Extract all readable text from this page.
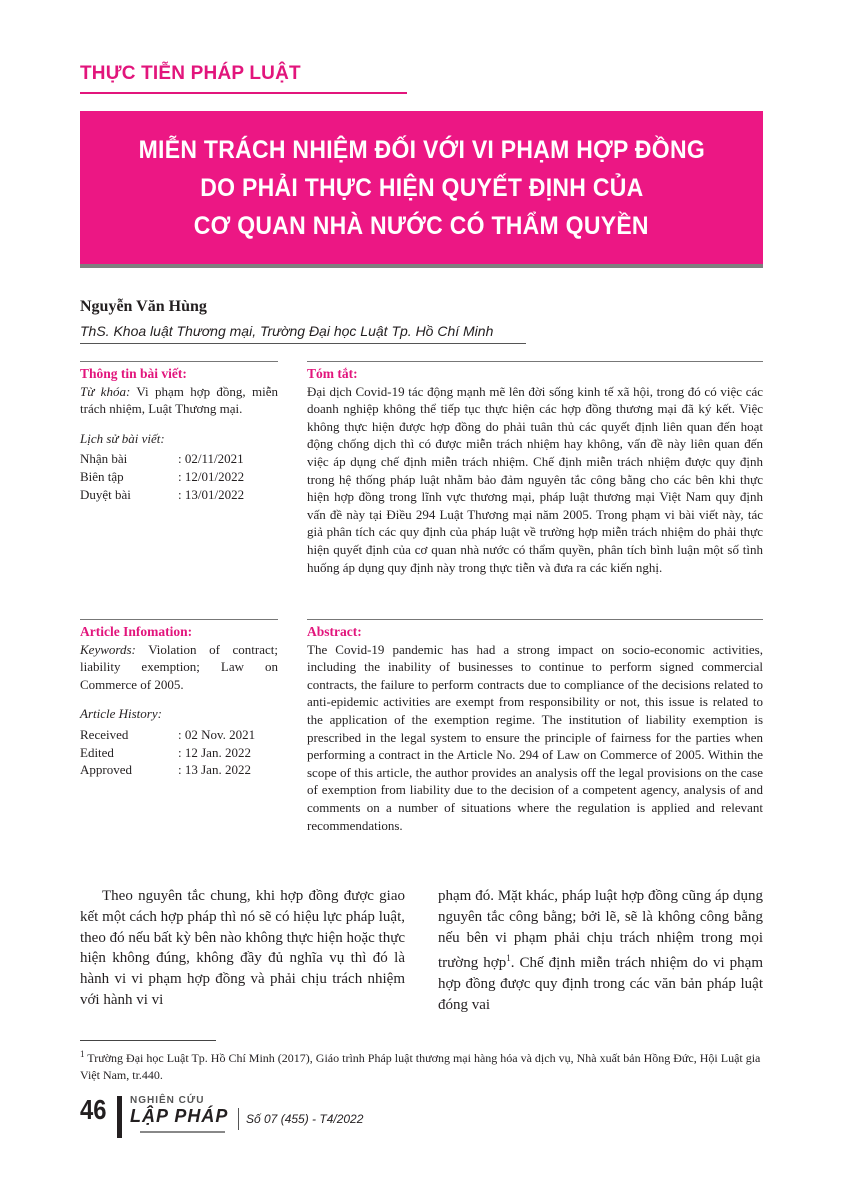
THỰC TIỄN PHÁP LUẬT
MIỄN TRÁCH NHIỆM ĐỐI VỚI VI PHẠM HỢP ĐỒNG
DO PHẢI THỰC HIỆN QUYẾT ĐỊNH CỦA
CƠ QUAN NHÀ NƯỚC CÓ THẨM QUYỀN
Nguyễn Văn Hùng
ThS. Khoa luật Thương mại, Trường Đại học Luật Tp. Hồ Chí Minh
Thông tin bài viết:
Từ khóa: Vi phạm hợp đồng, miễn trách nhiệm, Luật Thương mại.
Lịch sử bài viết:
Nhận bài	: 02/11/2021
Biên tập	: 12/01/2022
Duyệt bài	: 13/01/2022
Tóm tắt:
Đại dịch Covid-19 tác động mạnh mẽ lên đời sống kinh tế xã hội, trong đó có việc các doanh nghiệp không thể tiếp tục thực hiện các hợp đồng thương mại đã ký kết. Việc không thực hiện được hợp đồng do phải tuân thủ các quyết định liên quan đến hoạt động chống dịch thì có được miễn trách nhiệm hay không, vấn đề này liên quan đến việc áp dụng chế định miễn trách nhiệm. Chế định miễn trách nhiệm được quy định trong hệ thống pháp luật nhằm bảo đảm nguyên tắc công bằng cho các bên khi thực hiện hợp đồng trong lĩnh vực thương mại, pháp luật thương mại Việt Nam quy định vấn đề này tại Điều 294 Luật Thương mại năm 2005. Trong phạm vi bài viết này, tác giả phân tích các quy định của pháp luật về trường hợp miễn trách nhiệm do phải thực hiện quyết định của cơ quan nhà nước có thẩm quyền, phân tích bình luận một số tình huống áp dụng quy định này trong thực tiễn và đưa ra các kiến nghị.
Article Infomation:
Keywords: Violation of contract; liability exemption; Law on Commerce of 2005.
Article History:
Received	: 02 Nov. 2021
Edited	: 12 Jan. 2022
Approved	: 13 Jan. 2022
Abstract:
The Covid-19 pandemic has had a strong impact on socio-economic activities, including the inability of businesses to continue to perform signed commercial contracts, the failure to perform contracts due to compliance of the decisions related to anti-epidemic activities are exempt from responsibility or not, this issue is related to the application of the exemption regime. The institution of liability exemption is prescribed in the legal system to ensure the principle of fairness for the parties when performing a contract in the Article No. 294 of Law on Commerce of 2005. Within the scope of this article, the author provides an analysis off the legal provisions on the case of exemption from liability due to the decision of a competent agency, analysis of and comments on a number of situations where the regulation is applied and relevant recommendations.
Theo nguyên tắc chung, khi hợp đồng được giao kết một cách hợp pháp thì nó sẽ có hiệu lực pháp luật, theo đó nếu bất kỳ bên nào không thực hiện hoặc thực hiện không đúng, không đầy đủ nghĩa vụ thì đó là hành vi vi phạm hợp đồng và phải chịu trách nhiệm với hành vi vi
phạm đó. Mặt khác, pháp luật hợp đồng cũng áp dụng nguyên tắc công bằng; bởi lẽ, sẽ là không công bằng nếu bên vi phạm phải chịu trách nhiệm trong mọi trường hợp$^1$. Chế định miễn trách nhiệm do vi phạm hợp đồng được quy định trong các văn bản pháp luật đóng vai
$^1$ Trường Đại học Luật Tp. Hồ Chí Minh (2017), Giáo trình Pháp luật thương mại hàng hóa và dịch vụ, Nhà xuất bản Hồng Đức, Hội Luật gia Việt Nam, tr.440.
46 NGHIÊN CỨU
LẬP PHÁP Số 07 (455) - T4/2022
